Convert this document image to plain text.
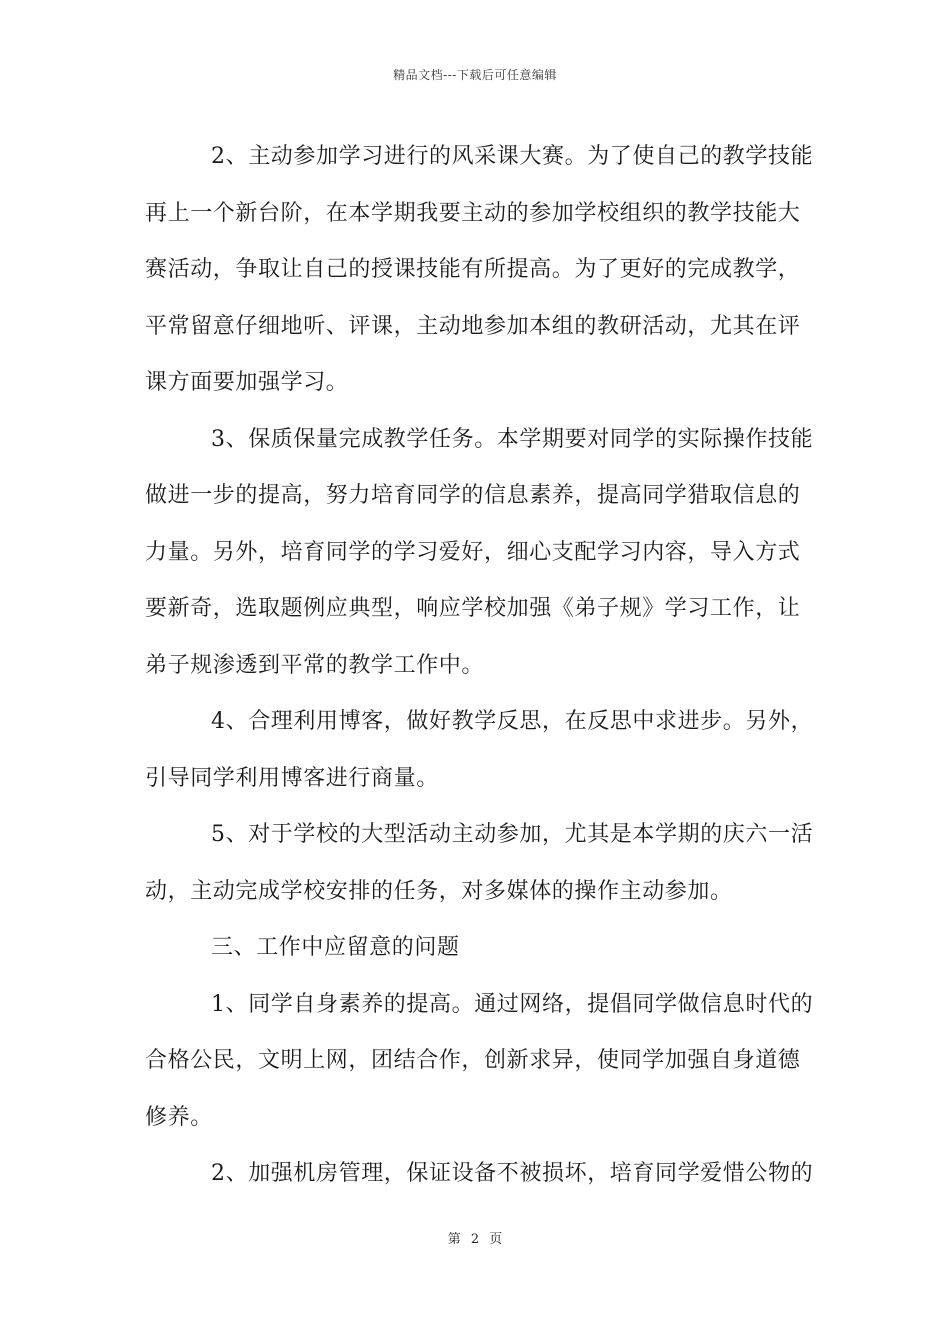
精品文档---下载后可任意编辑
2、主动参加学习进行的风采课大赛。为了使自己的教学技能
再上一个新台阶，在本学期我要主动的参加学校组织的教学技能大
赛活动，争取让自己的授课技能有所提高。为了更好的完成教学，
平常留意仔细地听、评课，主动地参加本组的教研活动，尤其在评
课方面要加强学习。
3、保质保量完成教学任务。本学期要对同学的实际操作技能
做进一步的提高，努力培育同学的信息素养，提高同学猎取信息的
力量。另外，培育同学的学习爱好，细心支配学习内容，导入方式
要新奇，选取题例应典型，响应学校加强《弟子规》学习工作，让
弟子规渗透到平常的教学工作中。
4、合理利用博客，做好教学反思，在反思中求进步。另外，
引导同学利用博客进行商量。
5、对于学校的大型活动主动参加，尤其是本学期的庆六一活
动，主动完成学校安排的任务，对多媒体的操作主动参加。
三、工作中应留意的问题
1、同学自身素养的提高。通过网络，提倡同学做信息时代的
合格公民，文明上网，团结合作，创新求异，使同学加强自身道德
修养。
2、加强机房管理，保证设备不被损坏，培育同学爱惜公物的
第 2 页
